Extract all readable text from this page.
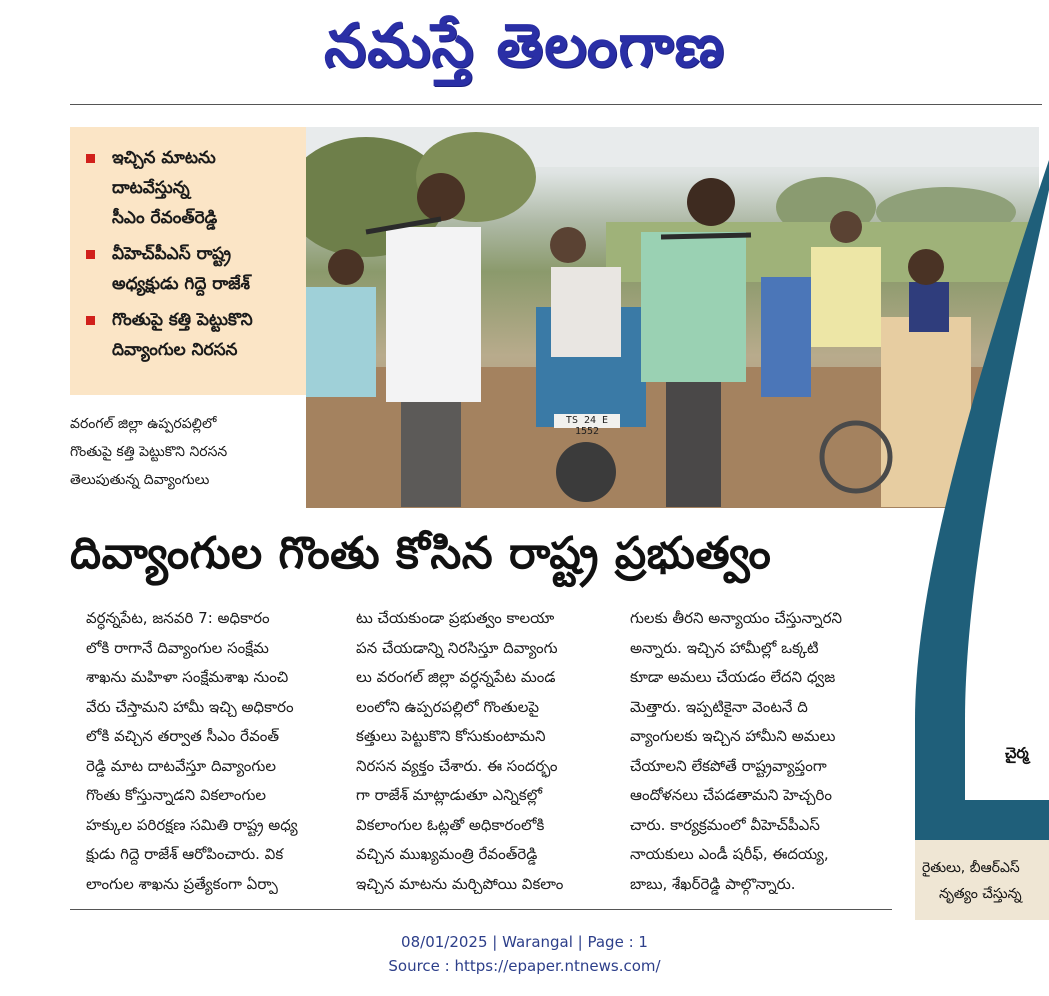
నమస్తే తెలంగాణ
ఇచ్చిన మాటను
దాటవేస్తున్న
సీఎం రేవంత్‌రెడ్డి
వీహెచ్‌పీఎస్ రాష్ట్ర
అధ్యక్షుడు గిద్దె రాజేశ్
గొంతుపై కత్తి పెట్టుకొని
దివ్యాంగుల నిరసన
TS 24 E 1552
వరంగల్ జిల్లా ఉప్పరపల్లిలో
గొంతుపై కత్తి పెట్టుకొని నిరసన
తెలుపుతున్న దివ్యాంగులు
దివ్యాంగుల గొంతు కోసిన రాష్ట్ర ప్రభుత్వం
వర్ధన్నపేట, జనవరి 7: అధికారం
లోకి రాగానే దివ్యాంగుల సంక్షేమ
శాఖను మహిళా సంక్షేమశాఖ నుంచి
వేరు చేస్తామని హామీ ఇచ్చి అధికారం
లోకి వచ్చిన తర్వాత సీఎం రేవంత్
రెడ్డి మాట దాటవేస్తూ దివ్యాంగుల
గొంతు కోస్తున్నాడని వికలాంగుల
హక్కుల పరిరక్షణ సమితి రాష్ట్ర అధ్య
క్షుడు గిద్దె రాజేశ్ ఆరోపించారు. విక
లాంగుల శాఖను ప్రత్యేకంగా ఏర్పా
టు చేయకుండా ప్రభుత్వం కాలయా
పన చేయడాన్ని నిరసిస్తూ దివ్యాంగు
లు వరంగల్ జిల్లా వర్ధన్నపేట మండ
లంలోని ఉప్పరపల్లిలో గొంతులపై
కత్తులు పెట్టుకొని కోసుకుంటామని
నిరసన వ్యక్తం చేశారు. ఈ సందర్భం
గా రాజేశ్ మాట్లాడుతూ ఎన్నికల్లో
వికలాంగుల ఓట్లతో అధికారంలోకి
వచ్చిన ముఖ్యమంత్రి రేవంత్‌రెడ్డి
ఇచ్చిన మాటను మర్చిపోయి వికలాం
గులకు తీరని అన్యాయం చేస్తున్నారని
అన్నారు. ఇచ్చిన హామీల్లో ఒక్కటి
కూడా అమలు చేయడం లేదని ధ్వజ
మెత్తారు. ఇప్పటికైనా వెంటనే ది
వ్యాంగులకు ఇచ్చిన హామీని అమలు
చేయాలని లేకపోతే రాష్ట్రవ్యాప్తంగా
ఆందోళనలు చేపడతామని హెచ్చరిం
చారు. కార్యక్రమంలో వీహెచ్‌పీఎస్
నాయకులు ఎండీ షరీఫ్, ఈదయ్య,
బాబు, శేఖర్‌రెడ్డి పాల్గొన్నారు.
చైర్మ
రైతులు, బీఆర్ఎస్
నృత్యం చేస్తున్న
08/01/2025 | Warangal | Page : 1
Source : https://epaper.ntnews.com/
